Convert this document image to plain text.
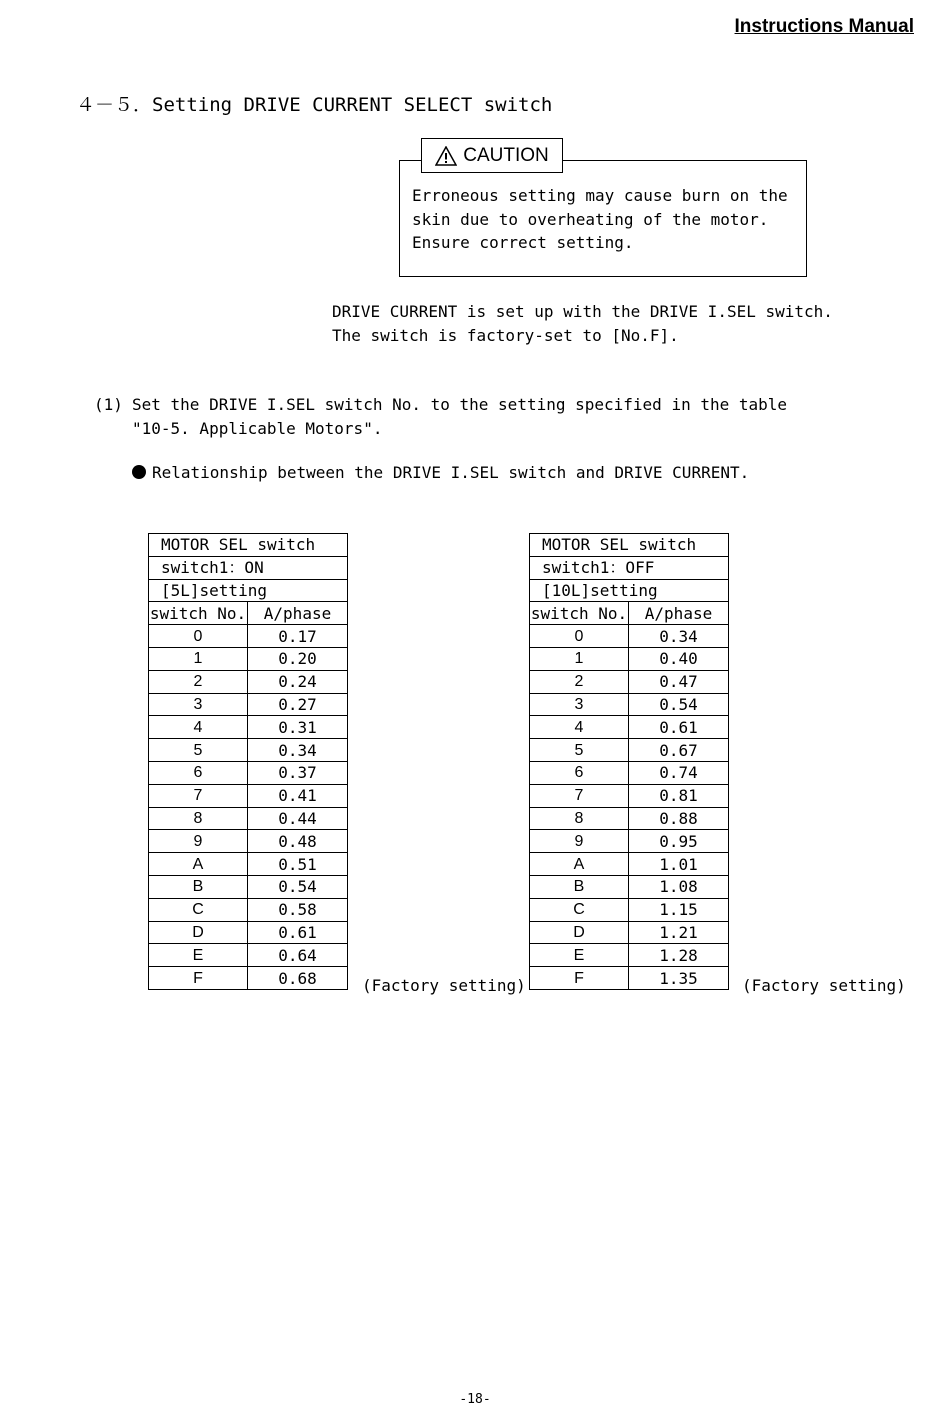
Instructions Manual
４－５．Setting DRIVE CURRENT SELECT switch
CAUTION
Erroneous setting may cause burn on the
skin due to overheating of the motor.
Ensure correct setting.
DRIVE CURRENT is set up with the DRIVE I.SEL switch.
The switch is factory-set to [No.F].
(1) Set the DRIVE I.SEL switch No. to the setting specified in the table
"10-5. Applicable Motors".
Relationship between the DRIVE I.SEL switch and DRIVE CURRENT.
MOTOR SEL switch	
switch1：ON	
[5L]setting	
switch No.	A/phase
0	0.17
1	0.20
2	0.24
3	0.27
4	0.31
5	0.34
6	0.37
7	0.41
8	0.44
9	0.48
A	0.51
B	0.54
C	0.58
D	0.61
E	0.64
F	0.68
MOTOR SEL switch	
switch1：OFF	
[10L]setting	
switch No.	A/phase
0	0.34
1	0.40
2	0.47
3	0.54
4	0.61
5	0.67
6	0.74
7	0.81
8	0.88
9	0.95
A	1.01
B	1.08
C	1.15
D	1.21
E	1.28
F	1.35
(Factory setting)	(Factory setting)
-18-
